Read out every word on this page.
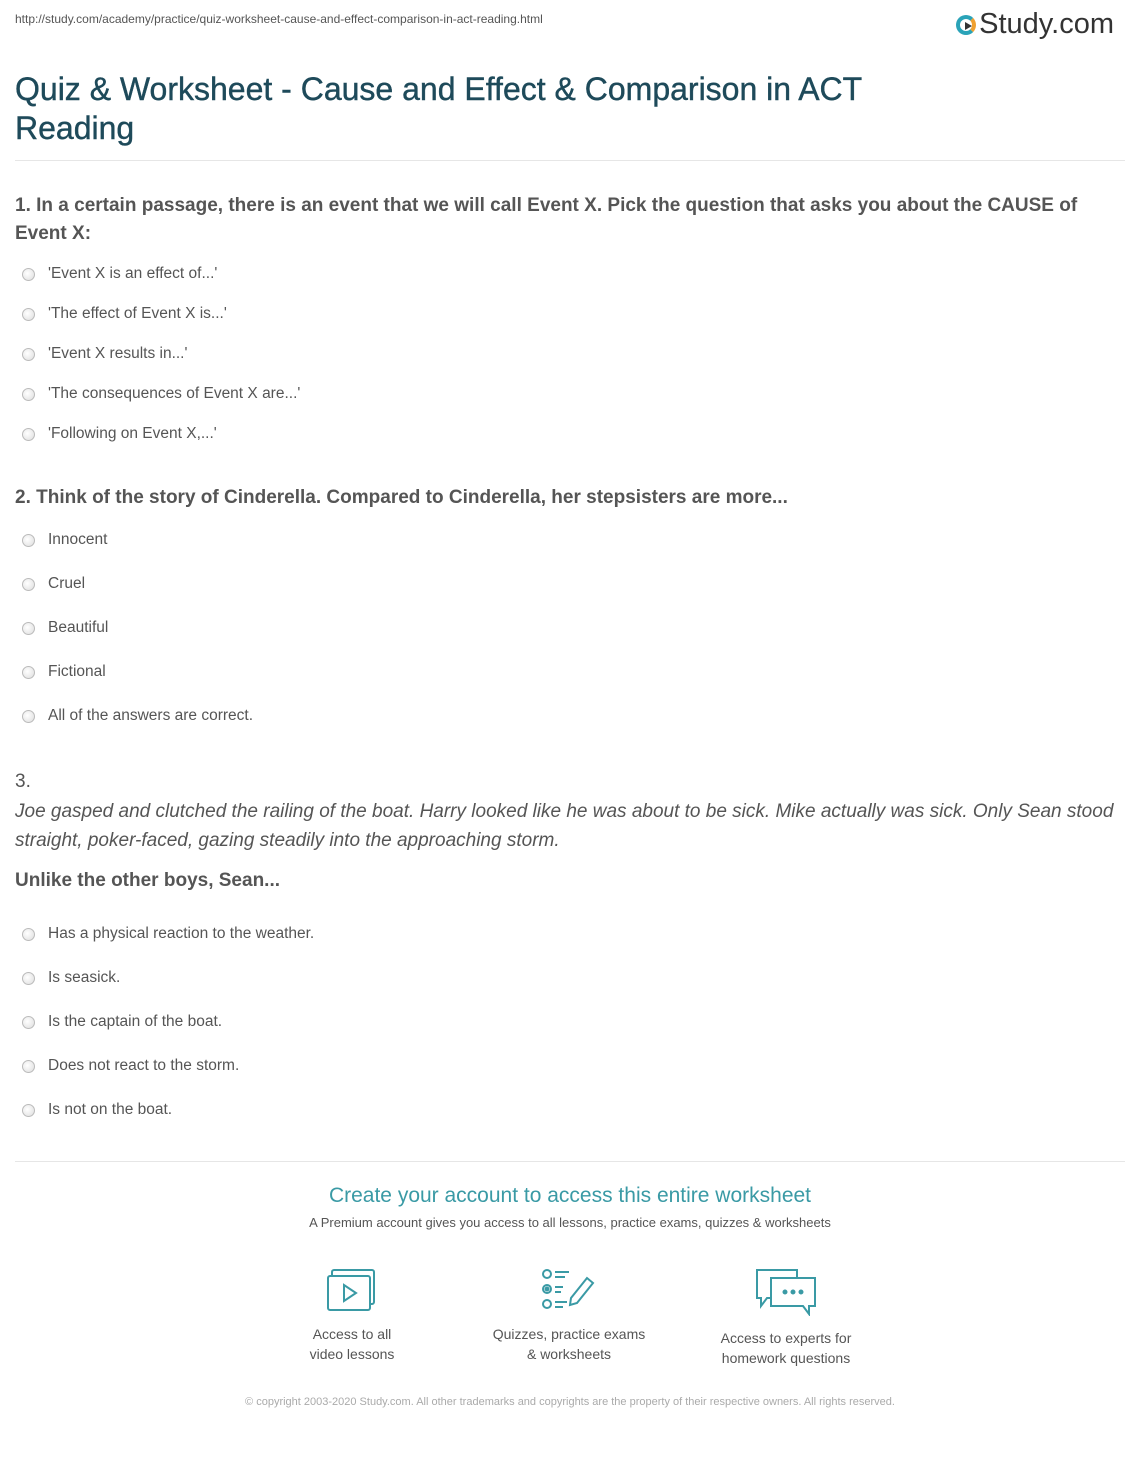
http://study.com/academy/practice/quiz-worksheet-cause-and-effect-comparison-in-act-reading.html	Study.com
Quiz & Worksheet - Cause and Effect & Comparison in ACT Reading
1. In a certain passage, there is an event that we will call Event X. Pick the question that asks you about the CAUSE of Event X:
2. Think of the story of Cinderella. Compared to Cinderella, her stepsisters are more...
3.
Joe gasped and clutched the railing of the boat. Harry looked like he was about to be sick. Mike actually was sick. Only Sean stood straight, poker-faced, gazing steadily into the approaching storm.
Unlike the other boys, Sean...
Create your account to access this entire worksheet
A Premium account gives you access to all lessons, practice exams, quizzes & worksheets
Access to all
video lessons
Quizzes, practice exams
& worksheets
Access to experts for
homework questions
© copyright 2003-2020 Study.com. All other trademarks and copyrights are the property of their respective owners. All rights reserved.
'Event X is an effect of...'
'The effect of Event X is...'
'Event X results in...'
'The consequences of Event X are...'
'Following on Event X,...'
Innocent
Cruel
Beautiful
Fictional
All of the answers are correct.
Has a physical reaction to the weather.
Is seasick.
Is the captain of the boat.
Does not react to the storm.
Is not on the boat.
